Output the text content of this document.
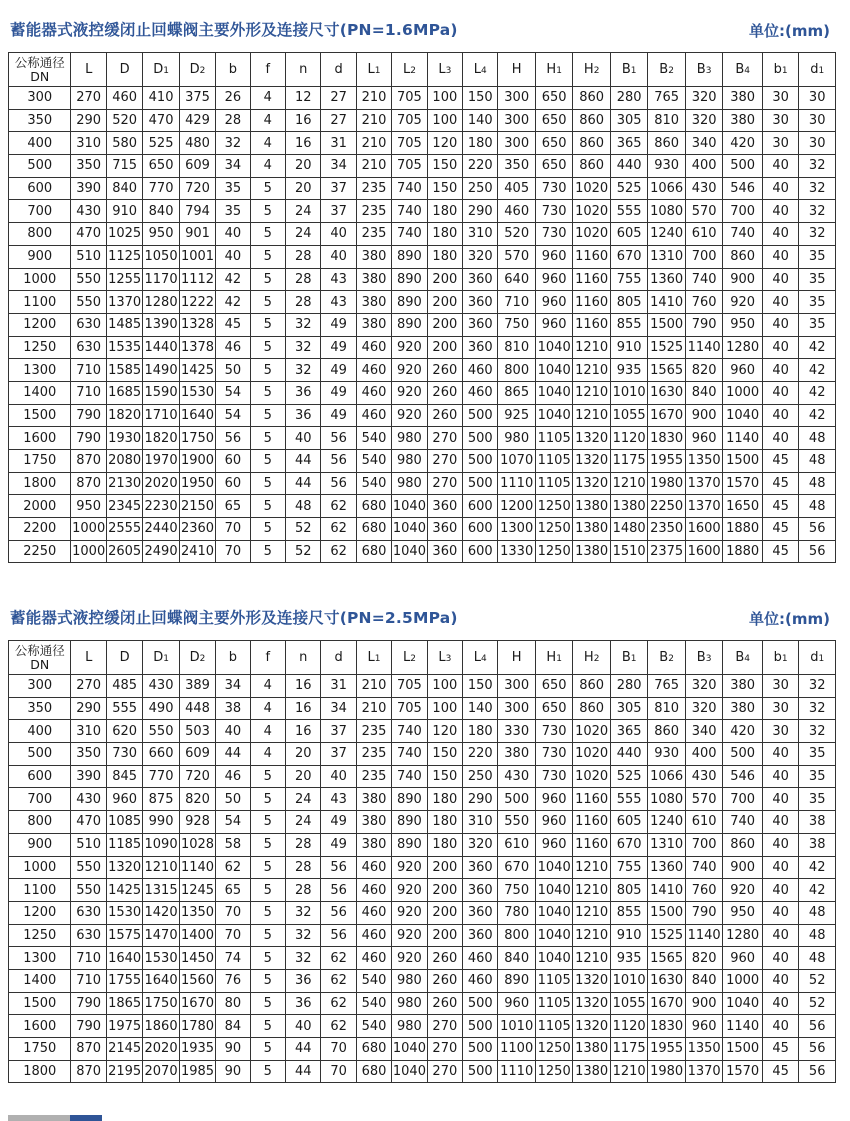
蓄能器式液控缓闭止回蝶阀主要外形及连接尺寸(PN=1.6MPa)	单位:(mm)
公称通径
DN	L	D	D1	D2	b	f	n	d	L1	L2	L3	L4	H	H1	H2	B1	B2	B3	B4	b1	d1
300	270	460	410	375	26	4	12	27	210	705	100	150	300	650	860	280	765	320	380	30	30
350	290	520	470	429	28	4	16	27	210	705	100	140	300	650	860	305	810	320	380	30	30
400	310	580	525	480	32	4	16	31	210	705	120	180	300	650	860	365	860	340	420	30	30
500	350	715	650	609	34	4	20	34	210	705	150	220	350	650	860	440	930	400	500	40	32
600	390	840	770	720	35	5	20	37	235	740	150	250	405	730	1020	525	1066	430	546	40	32
700	430	910	840	794	35	5	24	37	235	740	180	290	460	730	1020	555	1080	570	700	40	32
800	470	1025	950	901	40	5	24	40	235	740	180	310	520	730	1020	605	1240	610	740	40	32
900	510	1125	1050	1001	40	5	28	40	380	890	180	320	570	960	1160	670	1310	700	860	40	35
1000	550	1255	1170	1112	42	5	28	43	380	890	200	360	640	960	1160	755	1360	740	900	40	35
1100	550	1370	1280	1222	42	5	28	43	380	890	200	360	710	960	1160	805	1410	760	920	40	35
1200	630	1485	1390	1328	45	5	32	49	380	890	200	360	750	960	1160	855	1500	790	950	40	35
1250	630	1535	1440	1378	46	5	32	49	460	920	200	360	810	1040	1210	910	1525	1140	1280	40	42
1300	710	1585	1490	1425	50	5	32	49	460	920	260	460	800	1040	1210	935	1565	820	960	40	42
1400	710	1685	1590	1530	54	5	36	49	460	920	260	460	865	1040	1210	1010	1630	840	1000	40	42
1500	790	1820	1710	1640	54	5	36	49	460	920	260	500	925	1040	1210	1055	1670	900	1040	40	42
1600	790	1930	1820	1750	56	5	40	56	540	980	270	500	980	1105	1320	1120	1830	960	1140	40	48
1750	870	2080	1970	1900	60	5	44	56	540	980	270	500	1070	1105	1320	1175	1955	1350	1500	45	48
1800	870	2130	2020	1950	60	5	44	56	540	980	270	500	1110	1105	1320	1210	1980	1370	1570	45	48
2000	950	2345	2230	2150	65	5	48	62	680	1040	360	600	1200	1250	1380	1380	2250	1370	1650	45	48
2200	1000	2555	2440	2360	70	5	52	62	680	1040	360	600	1300	1250	1380	1480	2350	1600	1880	45	56
2250	1000	2605	2490	2410	70	5	52	62	680	1040	360	600	1330	1250	1380	1510	2375	1600	1880	45	56
蓄能器式液控缓闭止回蝶阀主要外形及连接尺寸(PN=2.5MPa)	单位:(mm)
公称通径
DN	L	D	D1	D2	b	f	n	d	L1	L2	L3	L4	H	H1	H2	B1	B2	B3	B4	b1	d1
300	270	485	430	389	34	4	16	31	210	705	100	150	300	650	860	280	765	320	380	30	32
350	290	555	490	448	38	4	16	34	210	705	100	140	300	650	860	305	810	320	380	30	32
400	310	620	550	503	40	4	16	37	235	740	120	180	330	730	1020	365	860	340	420	30	32
500	350	730	660	609	44	4	20	37	235	740	150	220	380	730	1020	440	930	400	500	40	35
600	390	845	770	720	46	5	20	40	235	740	150	250	430	730	1020	525	1066	430	546	40	35
700	430	960	875	820	50	5	24	43	380	890	180	290	500	960	1160	555	1080	570	700	40	35
800	470	1085	990	928	54	5	24	49	380	890	180	310	550	960	1160	605	1240	610	740	40	38
900	510	1185	1090	1028	58	5	28	49	380	890	180	320	610	960	1160	670	1310	700	860	40	38
1000	550	1320	1210	1140	62	5	28	56	460	920	200	360	670	1040	1210	755	1360	740	900	40	42
1100	550	1425	1315	1245	65	5	28	56	460	920	200	360	750	1040	1210	805	1410	760	920	40	42
1200	630	1530	1420	1350	70	5	32	56	460	920	200	360	780	1040	1210	855	1500	790	950	40	48
1250	630	1575	1470	1400	70	5	32	56	460	920	200	360	800	1040	1210	910	1525	1140	1280	40	48
1300	710	1640	1530	1450	74	5	32	62	460	920	260	460	840	1040	1210	935	1565	820	960	40	48
1400	710	1755	1640	1560	76	5	36	62	540	980	260	460	890	1105	1320	1010	1630	840	1000	40	52
1500	790	1865	1750	1670	80	5	36	62	540	980	260	500	960	1105	1320	1055	1670	900	1040	40	52
1600	790	1975	1860	1780	84	5	40	62	540	980	270	500	1010	1105	1320	1120	1830	960	1140	40	56
1750	870	2145	2020	1935	90	5	44	70	680	1040	270	500	1100	1250	1380	1175	1955	1350	1500	45	56
1800	870	2195	2070	1985	90	5	44	70	680	1040	270	500	1110	1250	1380	1210	1980	1370	1570	45	56
